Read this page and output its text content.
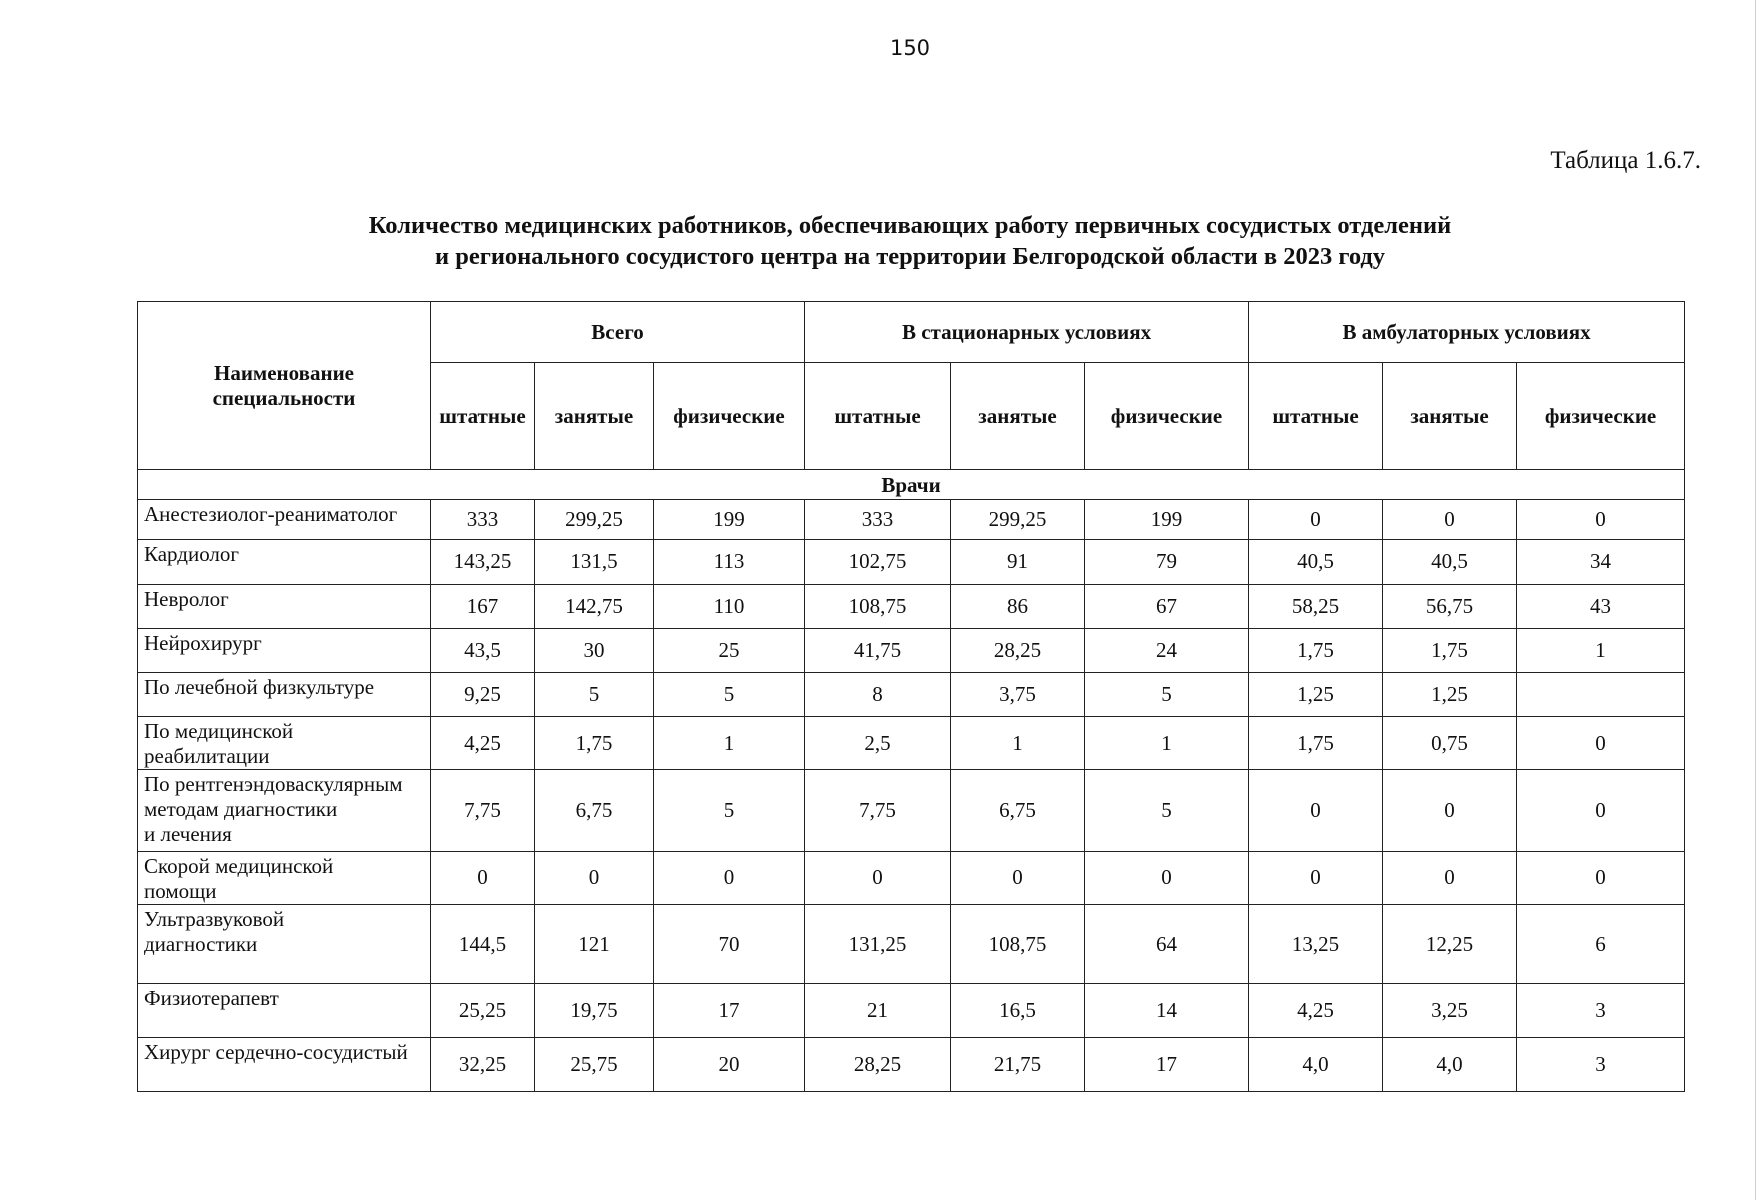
150
Таблица 1.6.7.
Количество медицинских работников, обеспечивающих работу первичных сосудистых отделений
и регионального сосудистого центра на территории Белгородской области в 2023 году
Наименование
специальности	Всего			В стационарных условиях			В амбулаторных условиях		
	штатные	занятые	физические	штатные	занятые	физические	штатные	занятые	физические
Врачи									

Анестезиолог-реаниматолог	333	299,25	199	333	299,25	199	0	0	0

Кардиолог	143,25	131,5	113	102,75	91	79	40,5	40,5	34

Невролог	167	142,75	110	108,75	86	67	58,25	56,75	43

Нейрохирург	43,5	30	25	41,75	28,25	24	1,75	1,75	1

По лечебной физкультуре	9,25	5	5	8	3,75	5	1,25	1,25	

По медицинской
реабилитации	4,25	1,75	1	2,5	1	1	1,75	0,75	0

По рентгенэндоваскулярным
методам диагностики
и лечения	7,75	6,75	5	7,75	6,75	5	0	0	0

Скорой медицинской
помощи	0	0	0	0	0	0	0	0	0

Ультразвуковой
диагностики	144,5	121	70	131,25	108,75	64	13,25	12,25	6

Физиотерапевт	25,25	19,75	17	21	16,5	14	4,25	3,25	3

Хирург сердечно-сосудистый	32,25	25,75	20	28,25	21,75	17	4,0	4,0	3
